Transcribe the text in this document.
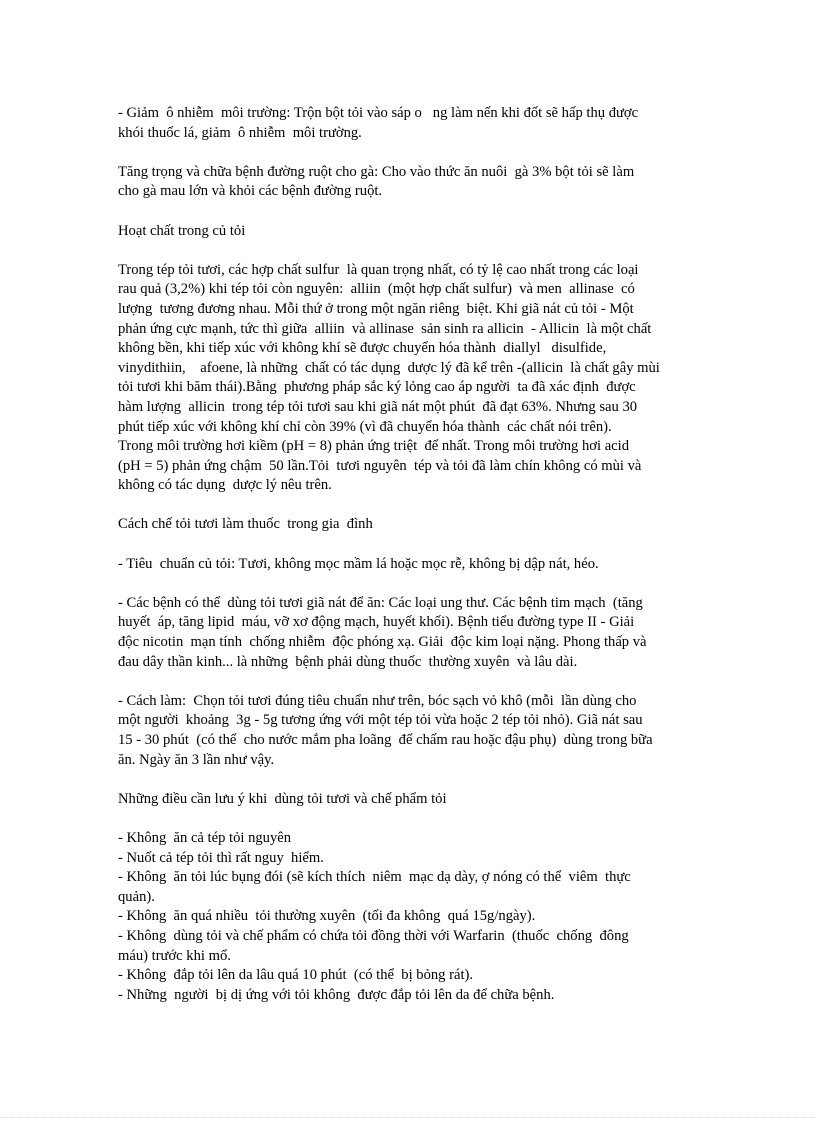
- Giảm  ô nhiễm  môi trường: Trộn bột tỏi vào sáp o   ng làm nến khi đốt sẽ hấp thụ được
khói thuốc lá, giảm  ô nhiễm  môi trường.

Tăng trọng và chữa bệnh đường ruột cho gà: Cho vào thức ăn nuôi  gà 3% bột tỏi sẽ làm
cho gà mau lớn và khỏi các bệnh đường ruột.

Hoạt chất trong củ tỏi

Trong tép tỏi tươi, các hợp chất sulfur  là quan trọng nhất, có tỷ lệ cao nhất trong các loại
rau quả (3,2%) khi tép tỏi còn nguyên:  alliin  (một hợp chất sulfur)  và men  allinase  có
lượng  tương đương nhau. Mỗi thứ ở trong một ngăn riêng  biệt. Khi giã nát củ tỏi - Một
phản ứng cực mạnh, tức thì giữa  alliin  và allinase  sản sinh ra allicin  - Allicin  là một chất
không bền, khi tiếp xúc với không khí sẽ được chuyển hóa thành  diallyl   disulfide,
vinydithiin,    afoene, là những  chất có tác dụng  dược lý đã kể trên -(allicin  là chất gây mùi
tỏi tươi khi băm thái).Bằng  phương pháp sắc ký lỏng cao áp người  ta đã xác định  được
hàm lượng  allicin  trong tép tỏi tươi sau khi giã nát một phút  đã đạt 63%. Nhưng sau 30
phút tiếp xúc với không khí chỉ còn 39% (vì đã chuyển hóa thành  các chất nói trên).
Trong môi trường hơi kiềm (pH = 8) phản ứng triệt  để nhất. Trong môi trường hơi acid
(pH = 5) phản ứng chậm  50 lần.Tỏi  tươi nguyên  tép và tỏi đã làm chín không có mùi và
không có tác dụng  dược lý nêu trên.

Cách chế tỏi tươi làm thuốc  trong gia  đình

- Tiêu  chuẩn củ tỏi: Tươi, không mọc mầm lá hoặc mọc rễ, không bị dập nát, héo.

- Các bệnh có thể  dùng tỏi tươi giã nát để ăn: Các loại ung thư. Các bệnh tim mạch  (tăng
huyết  áp, tăng lipid  máu, vỡ xơ động mạch, huyết khối). Bệnh tiểu đường type II - Giải
độc nicotin  mạn tính  chống nhiễm  độc phóng xạ. Giải  độc kim loại nặng. Phong thấp và
đau dây thần kinh... là những  bệnh phải dùng thuốc  thường xuyên  và lâu dài.

- Cách làm:  Chọn tỏi tươi đúng tiêu chuẩn như trên, bóc sạch vỏ khô (mỗi  lần dùng cho
một người  khoảng  3g - 5g tương ứng với một tép tỏi vừa hoặc 2 tép tỏi nhỏ). Giã nát sau
15 - 30 phút  (có thể  cho nước mắm pha loãng  để chấm rau hoặc đậu phụ)  dùng trong bữa
ăn. Ngày ăn 3 lần như vậy.

Những điều cần lưu ý khi  dùng tỏi tươi và chế phẩm tỏi

- Không  ăn cả tép tỏi nguyên

- Nuốt cả tép tỏi thì rất nguy  hiểm.

- Không  ăn tỏi lúc bụng đói (sẽ kích thích  niêm  mạc dạ dày, ợ nóng có thể  viêm  thực
quản).

- Không  ăn quá nhiều  tỏi thường xuyên  (tối đa không  quá 15g/ngày).

- Không  dùng tỏi và chế phẩm có chứa tỏi đồng thời với Warfarin  (thuốc  chống  đông
máu) trước khi mổ.

- Không  đắp tỏi lên da lâu quá 10 phút  (có thể  bị bỏng rát).

- Những  người  bị dị ứng với tỏi không  được đắp tỏi lên da để chữa bệnh.
